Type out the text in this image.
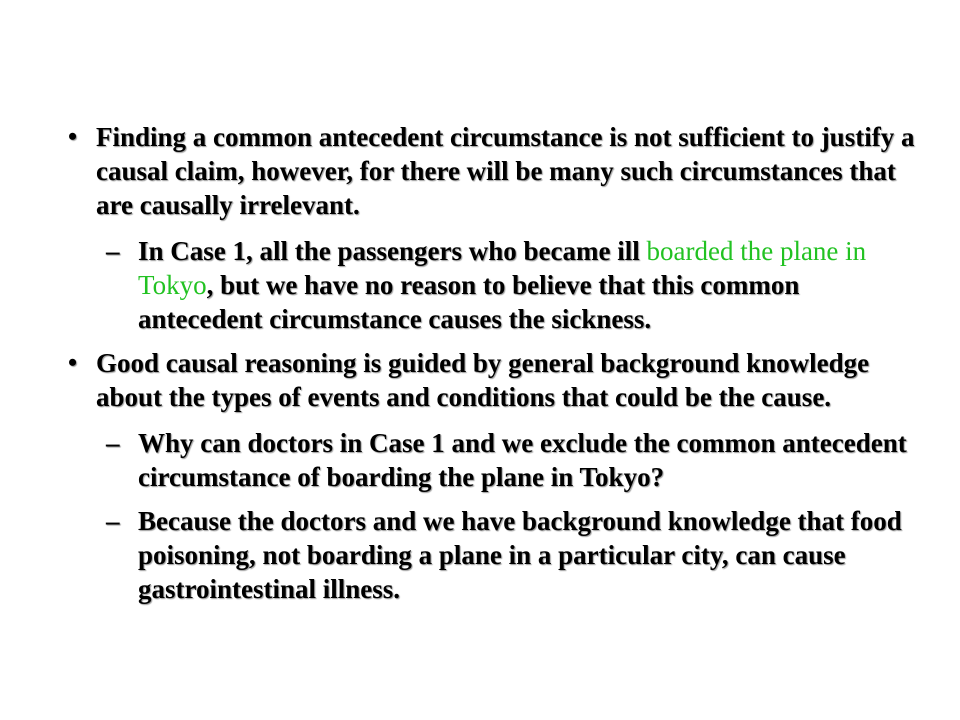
• Finding a common antecedent circumstance is not sufficient to justify a causal claim, however, for there will be many such circumstances that are causally irrelevant.
– In Case 1, all the passengers who became ill boarded the plane in Tokyo, but we have no reason to believe that this common antecedent circumstance causes the sickness.
• Good causal reasoning is guided by general background knowledge about the types of events and conditions that could be the cause.
– Why can doctors in Case 1 and we exclude the common antecedent circumstance of boarding the plane in Tokyo?
– Because the doctors and we have background knowledge that food poisoning, not boarding a plane in a particular city, can cause gastrointestinal illness.
